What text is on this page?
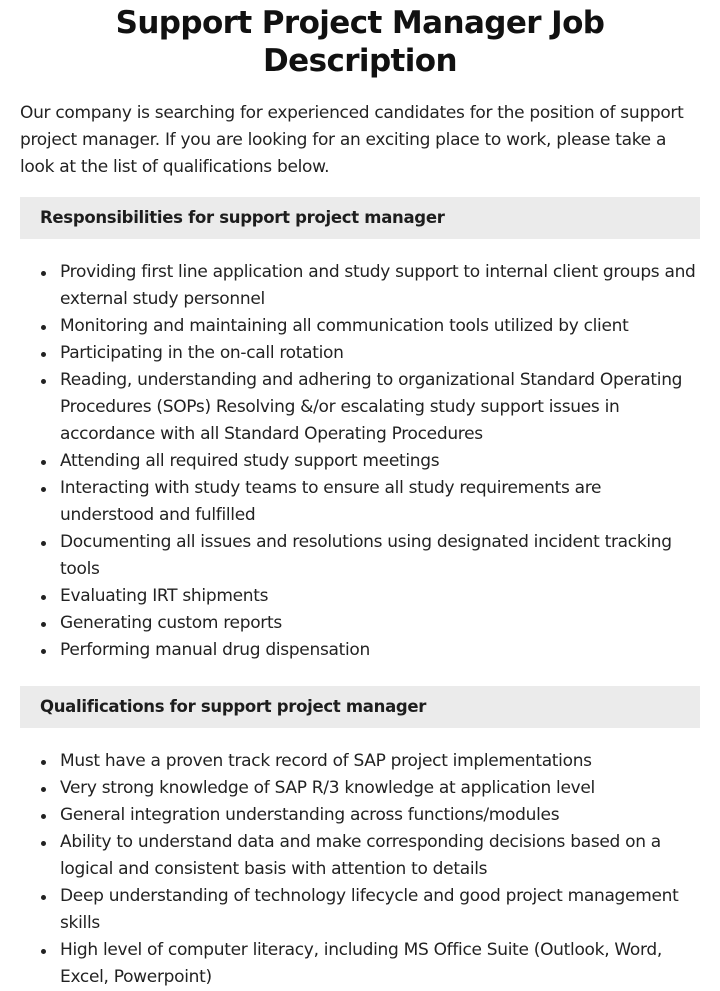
Support Project Manager Job Description

Our company is searching for experienced candidates for the position of support project manager. If you are looking for an exciting place to work, please take a look at the list of qualifications below.

Responsibilities for support project manager
Providing first line application and study support to internal client groups and external study personnel
Monitoring and maintaining all communication tools utilized by client
Participating in the on-call rotation
Reading, understanding and adhering to organizational Standard Operating Procedures (SOPs) Resolving &/or escalating study support issues in accordance with all Standard Operating Procedures
Attending all required study support meetings
Interacting with study teams to ensure all study requirements are understood and fulfilled
Documenting all issues and resolutions using designated incident tracking tools
Evaluating IRT shipments
Generating custom reports
Performing manual drug dispensation
Qualifications for support project manager
Must have a proven track record of SAP project implementations
Very strong knowledge of SAP R/3 knowledge at application level
General integration understanding across functions/modules
Ability to understand data and make corresponding decisions based on a logical and consistent basis with attention to details
Deep understanding of technology lifecycle and good project management skills
High level of computer literacy, including MS Office Suite (Outlook, Word, Excel, Powerpoint)
